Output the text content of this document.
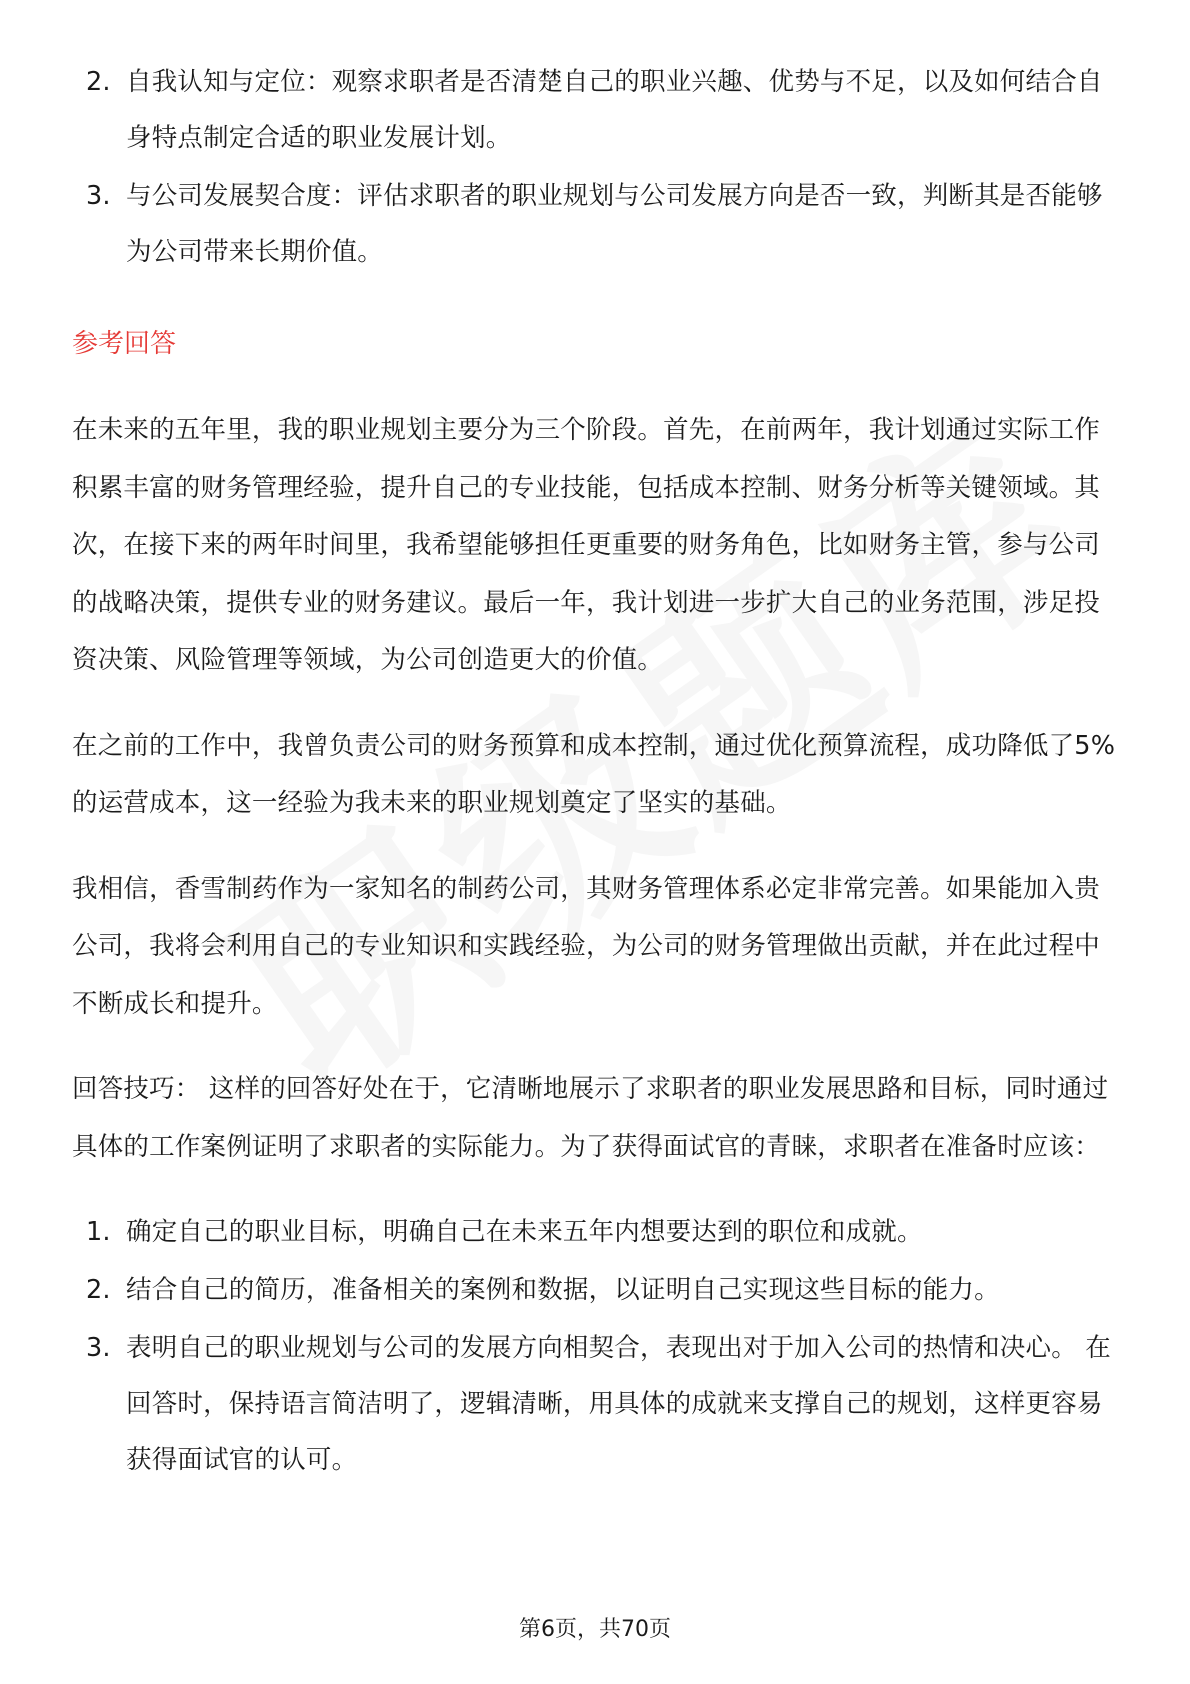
2. 自我认知与定位：观察求职者是否清楚自己的职业兴趣、优势与不足，以及如何结合自身特点制定合适的职业发展计划。
3. 与公司发展契合度：评估求职者的职业规划与公司发展方向是否一致，判断其是否能够为公司带来长期价值。
参考回答

在未来的五年里，我的职业规划主要分为三个阶段。首先，在前两年，我计划通过实际工作积累丰富的财务管理经验，提升自己的专业技能，包括成本控制、财务分析等关键领域。其次，在接下来的两年时间里，我希望能够担任更重要的财务角色，比如财务主管，参与公司的战略决策，提供专业的财务建议。最后一年，我计划进一步扩大自己的业务范围，涉足投资决策、风险管理等领域，为公司创造更大的价值。

在之前的工作中，我曾负责公司的财务预算和成本控制，通过优化预算流程，成功降低了5%的运营成本，这一经验为我未来的职业规划奠定了坚实的基础。

我相信，香雪制药作为一家知名的制药公司，其财务管理体系必定非常完善。如果能加入贵公司，我将会利用自己的专业知识和实践经验，为公司的财务管理做出贡献，并在此过程中不断成长和提升。

回答技巧： 这样的回答好处在于，它清晰地展示了求职者的职业发展思路和目标，同时通过具体的工作案例证明了求职者的实际能力。为了获得面试官的青睐，求职者在准备时应该：

1. 确定自己的职业目标，明确自己在未来五年内想要达到的职位和成就。
2. 结合自己的简历，准备相关的案例和数据，以证明自己实现这些目标的能力。
3. 表明自己的职业规划与公司的发展方向相契合，表现出对于加入公司的热情和决心。 在回答时，保持语言简洁明了，逻辑清晰，用具体的成就来支撑自己的规划，这样更容易获得面试官的认可。
第6页，共70页
